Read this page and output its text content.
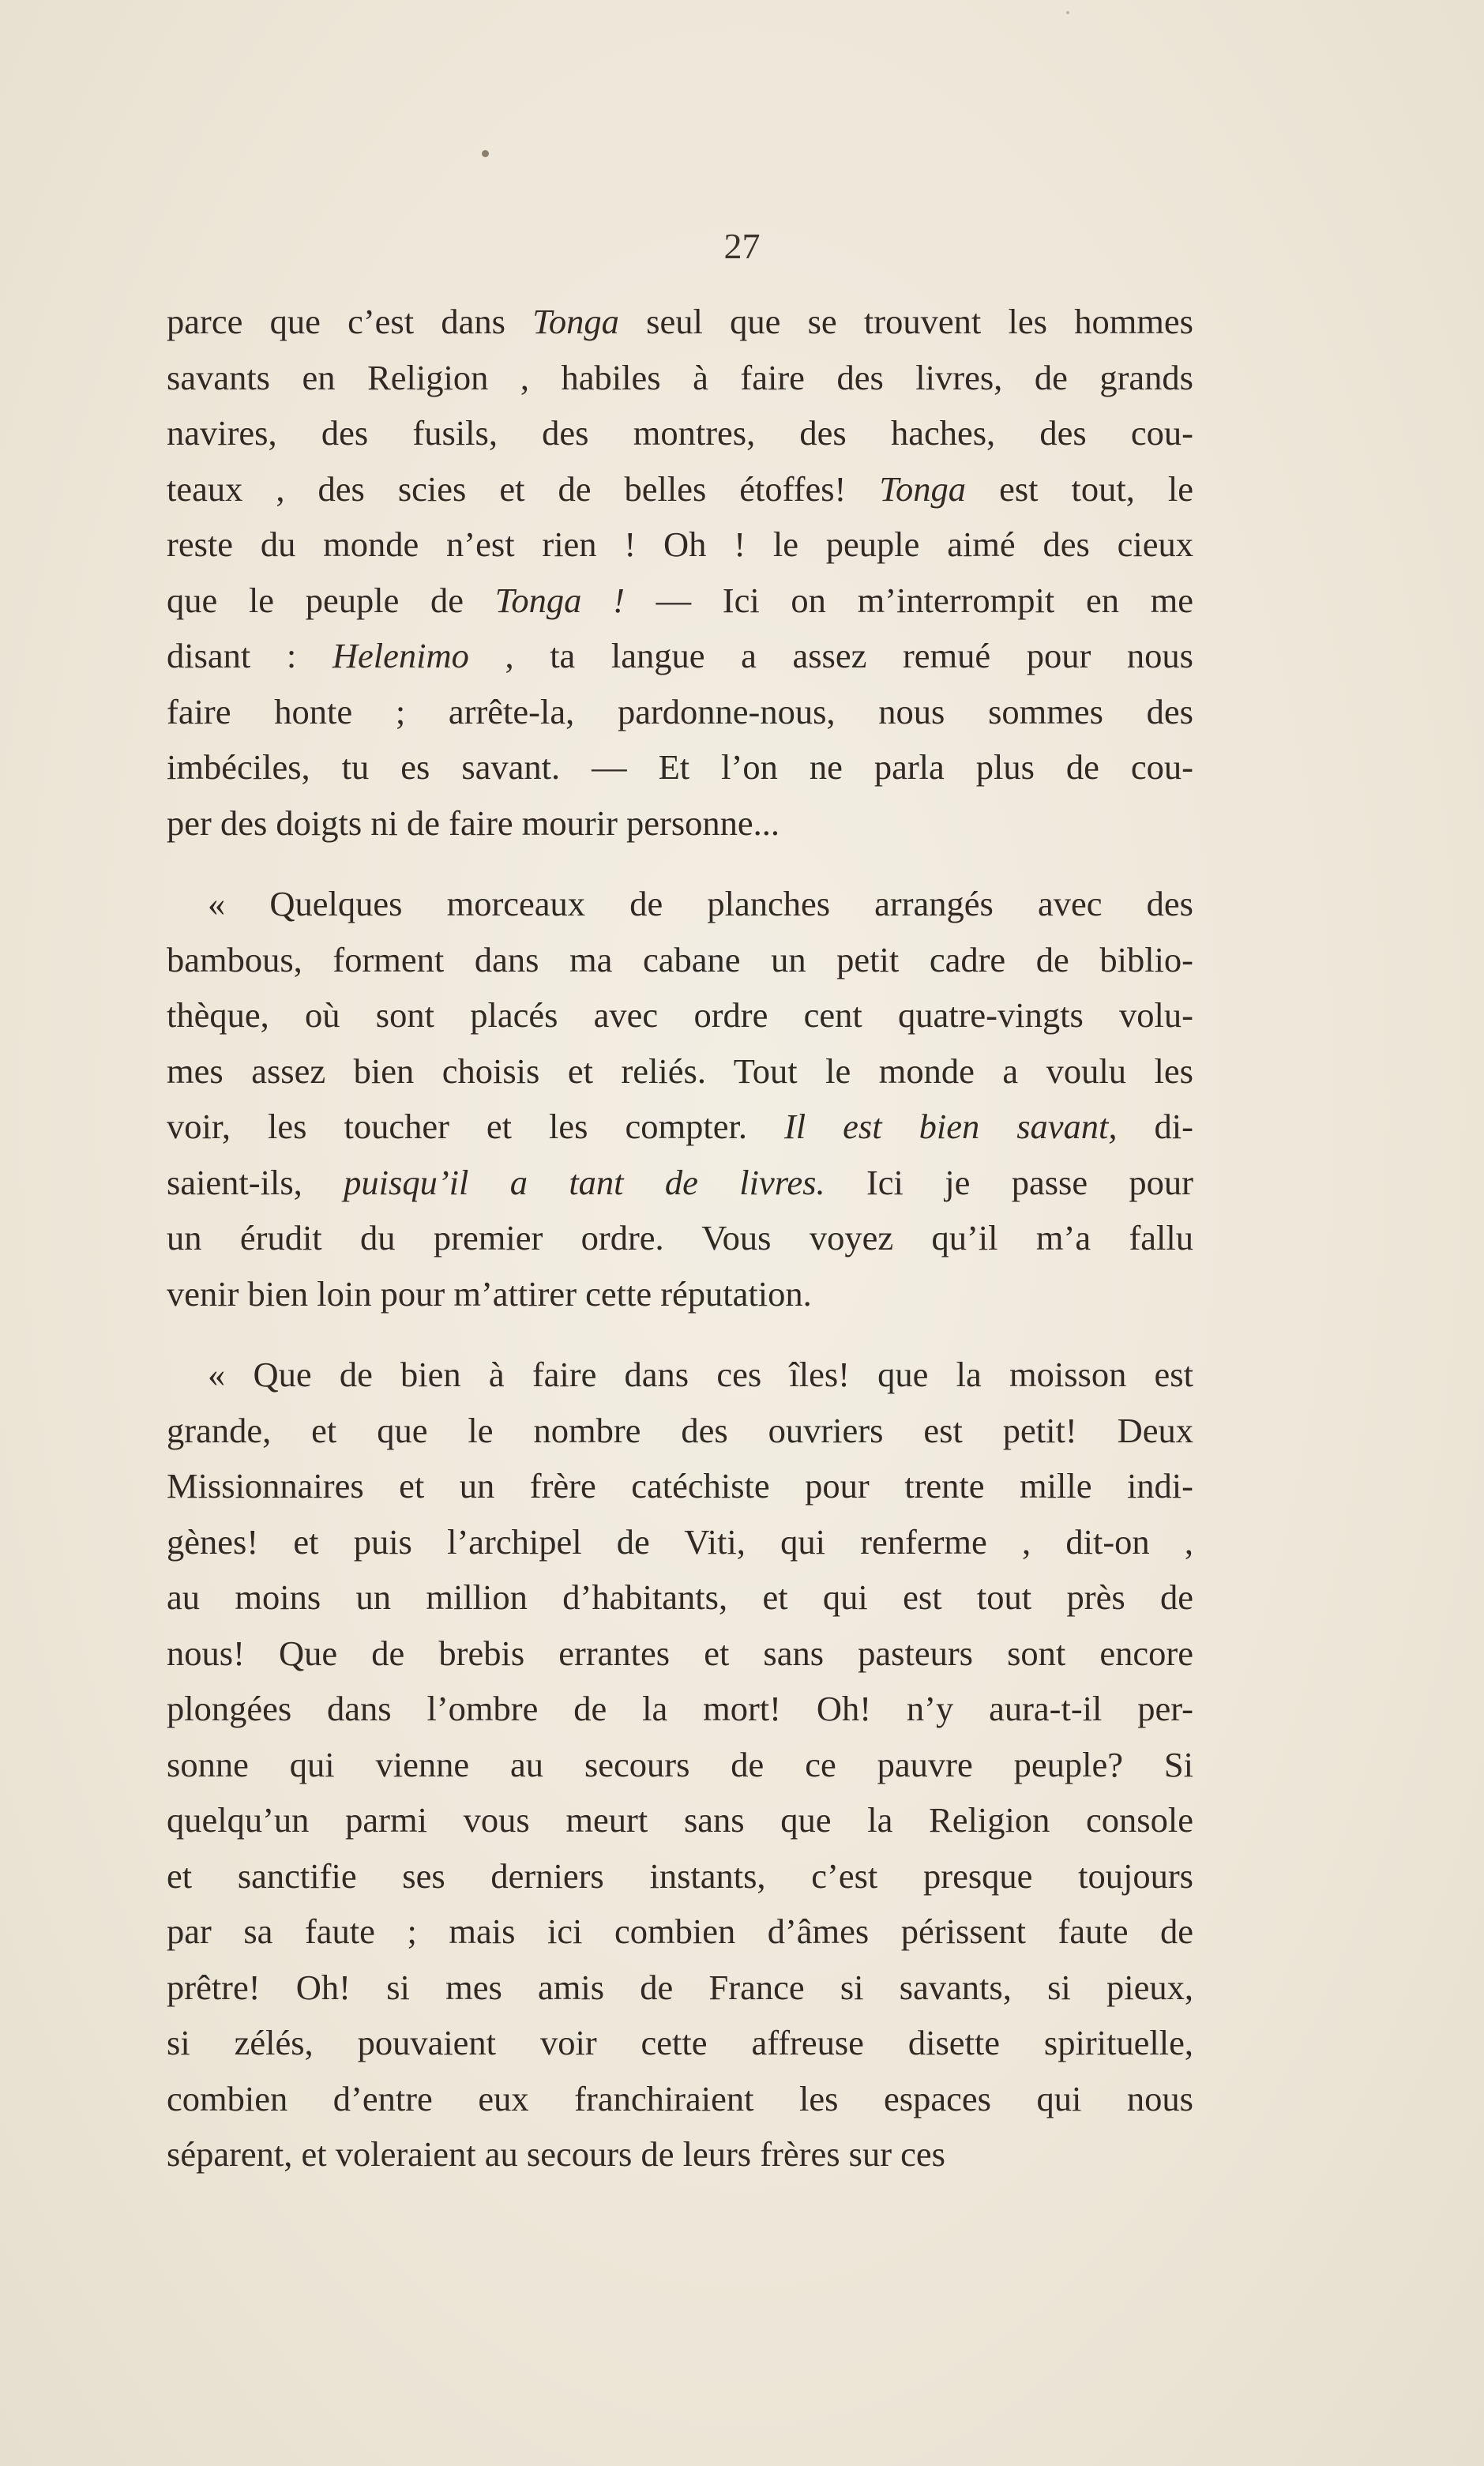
27

parce que c’est dans Tonga seul que se trouvent les hommes
savants en Religion , habiles à faire des livres, de grands
navires, des fusils, des montres, des haches, des cou-
teaux , des scies et de belles étoffes! Tonga est tout, le
reste du monde n’est rien ! Oh ! le peuple aimé des cieux
que le peuple de Tonga ! — Ici on m’interrompit en me
disant : Helenimo , ta langue a assez remué pour nous
faire honte ; arrête-la, pardonne-nous, nous sommes des
imbéciles, tu es savant. — Et l’on ne parla plus de cou-
per des doigts ni de faire mourir personne...

« Quelques morceaux de planches arrangés avec des
bambous, forment dans ma cabane un petit cadre de biblio-
thèque, où sont placés avec ordre cent quatre-vingts volu-
mes assez bien choisis et reliés. Tout le monde a voulu les
voir, les toucher et les compter. Il est bien savant, di-
saient-ils, puisqu’il a tant de livres. Ici je passe pour
un érudit du premier ordre. Vous voyez qu’il m’a fallu
venir bien loin pour m’attirer cette réputation.

« Que de bien à faire dans ces îles! que la moisson est
grande, et que le nombre des ouvriers est petit! Deux
Missionnaires et un frère catéchiste pour trente mille indi-
gènes! et puis l’archipel de Viti, qui renferme , dit-on ,
au moins un million d’habitants, et qui est tout près de
nous! Que de brebis errantes et sans pasteurs sont encore
plongées dans l’ombre de la mort! Oh! n’y aura-t-il per-
sonne qui vienne au secours de ce pauvre peuple? Si
quelqu’un parmi vous meurt sans que la Religion console
et sanctifie ses derniers instants, c’est presque toujours
par sa faute ; mais ici combien d’âmes périssent faute de
prêtre! Oh! si mes amis de France si savants, si pieux,
si zélés, pouvaient voir cette affreuse disette spirituelle,
combien d’entre eux franchiraient les espaces qui nous
séparent, et voleraient au secours de leurs frères sur ces
